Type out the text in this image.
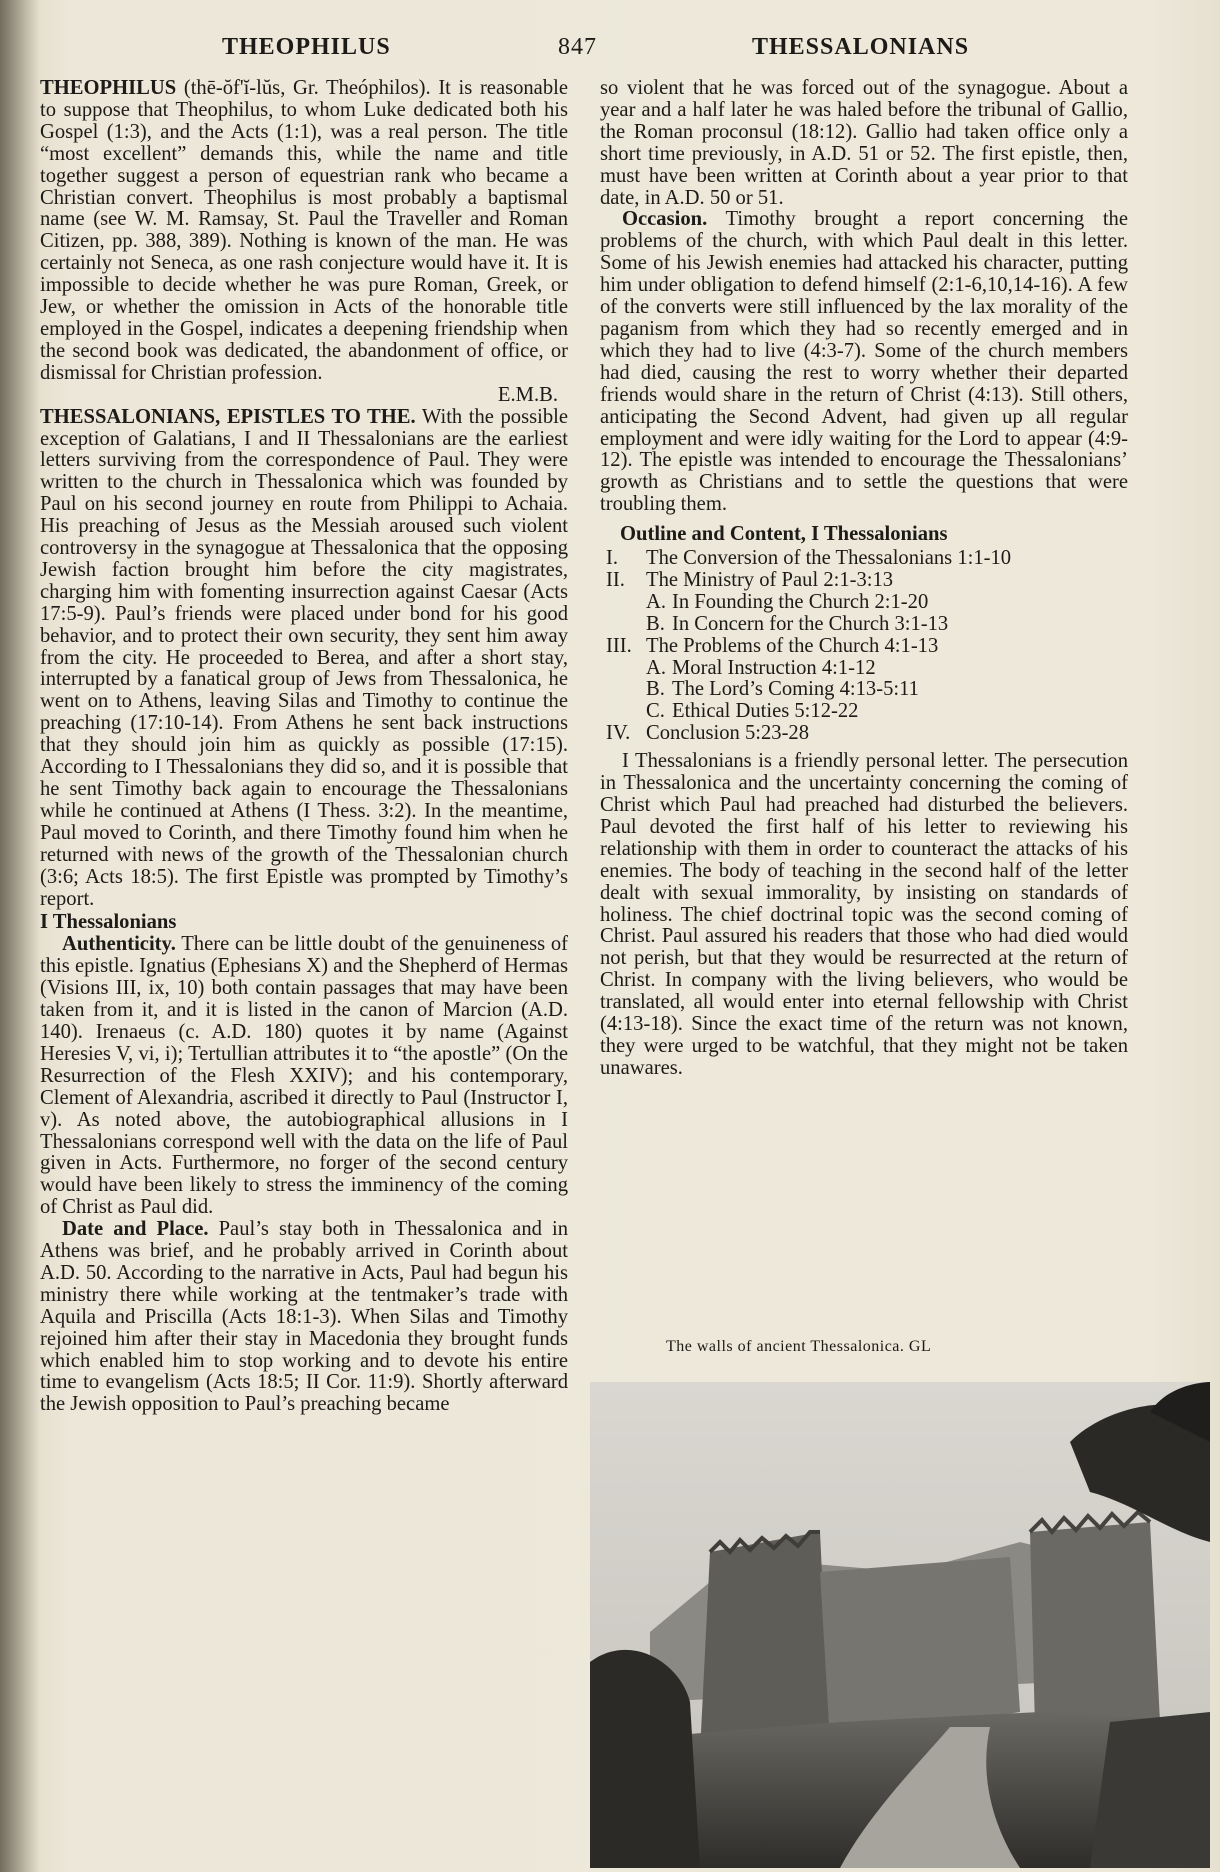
THEOPHILUS	847	THESSALONIANS

THEOPHILUS (thē-ŏf'ĭ-lŭs, Gr. Theóphilos). It is reasonable to suppose that Theophilus, to whom Luke dedicated both his Gospel (1:3), and the Acts (1:1), was a real person. The title “most excellent” demands this, while the name and title together suggest a person of equestrian rank who became a Christian convert. Theophilus is most probably a baptismal name (see W. M. Ramsay, St. Paul the Traveller and Roman Citizen, pp. 388, 389). Nothing is known of the man. He was certainly not Seneca, as one rash conjecture would have it. It is impossible to decide whether he was pure Roman, Greek, or Jew, or whether the omission in Acts of the honorable title employed in the Gospel, indicates a deepening friendship when the second book was dedicated, the abandonment of office, or dismissal for Christian profession.

E.M.B.

THESSALONIANS, EPISTLES TO THE. With the possible exception of Galatians, I and II Thessalonians are the earliest letters surviving from the correspondence of Paul. They were written to the church in Thessalonica which was founded by Paul on his second journey en route from Philippi to Achaia. His preaching of Jesus as the Messiah aroused such violent controversy in the synagogue at Thessalonica that the opposing Jewish faction brought him before the city magistrates, charging him with fomenting insurrection against Caesar (Acts 17:5-9). Paul’s friends were placed under bond for his good behavior, and to protect their own security, they sent him away from the city. He proceeded to Berea, and after a short stay, interrupted by a fanatical group of Jews from Thessalonica, he went on to Athens, leaving Silas and Timothy to continue the preaching (17:10-14). From Athens he sent back instructions that they should join him as quickly as possible (17:15). According to I Thessalonians they did so, and it is possible that he sent Timothy back again to encourage the Thessalonians while he continued at Athens (I Thess. 3:2). In the meantime, Paul moved to Corinth, and there Timothy found him when he returned with news of the growth of the Thessalonian church (3:6; Acts 18:5). The first Epistle was prompted by Timothy’s report.

I Thessalonians

Authenticity. There can be little doubt of the genuineness of this epistle. Ignatius (Ephesians X) and the Shepherd of Hermas (Visions III, ix, 10) both contain passages that may have been taken from it, and it is listed in the canon of Marcion (A.D. 140). Irenaeus (c. A.D. 180) quotes it by name (Against Heresies V, vi, i); Tertullian attributes it to “the apostle” (On the Resurrection of the Flesh XXIV); and his contemporary, Clement of Alexandria, ascribed it directly to Paul (Instructor I, v). As noted above, the autobiographical allusions in I Thessalonians correspond well with the data on the life of Paul given in Acts. Furthermore, no forger of the second century would have been likely to stress the imminency of the coming of Christ as Paul did.

Date and Place. Paul’s stay both in Thessalonica and in Athens was brief, and he probably arrived in Corinth about A.D. 50. According to the narrative in Acts, Paul had begun his ministry there while working at the tentmaker’s trade with Aquila and Priscilla (Acts 18:1-3). When Silas and Timothy rejoined him after their stay in Macedonia they brought funds which enabled him to stop working and to devote his entire time to evangelism (Acts 18:5; II Cor. 11:9). Shortly afterward the Jewish opposition to Paul’s preaching became

so violent that he was forced out of the synagogue. About a year and a half later he was haled before the tribunal of Gallio, the Roman proconsul (18:12). Gallio had taken office only a short time previously, in A.D. 51 or 52. The first epistle, then, must have been written at Corinth about a year prior to that date, in A.D. 50 or 51.

Occasion. Timothy brought a report concerning the problems of the church, with which Paul dealt in this letter. Some of his Jewish enemies had attacked his character, putting him under obligation to defend himself (2:1-6,10,14-16). A few of the converts were still influenced by the lax morality of the paganism from which they had so recently emerged and in which they had to live (4:3-7). Some of the church members had died, causing the rest to worry whether their departed friends would share in the return of Christ (4:13). Still others, anticipating the Second Advent, had given up all regular employment and were idly waiting for the Lord to appear (4:9-12). The epistle was intended to encourage the Thessalonians’ growth as Christians and to settle the questions that were troubling them.

Outline and Content, I Thessalonians

I. The Conversion of the Thessalonians 1:1-10
II. The Ministry of Paul 2:1-3:13
A. In Founding the Church 2:1-20
B. In Concern for the Church 3:1-13
III. The Problems of the Church 4:1-13
A. Moral Instruction 4:1-12
B. The Lord’s Coming 4:13-5:11
C. Ethical Duties 5:12-22
IV. Conclusion 5:23-28

I Thessalonians is a friendly personal letter. The persecution in Thessalonica and the uncertainty concerning the coming of Christ which Paul had preached had disturbed the believers. Paul devoted the first half of his letter to reviewing his relationship with them in order to counteract the attacks of his enemies. The body of teaching in the second half of the letter dealt with sexual immorality, by insisting on standards of holiness. The chief doctrinal topic was the second coming of Christ. Paul assured his readers that those who had died would not perish, but that they would be resurrected at the return of Christ. In company with the living believers, who would be translated, all would enter into eternal fellowship with Christ (4:13-18). Since the exact time of the return was not known, they were urged to be watchful, that they might not be taken unawares.

The walls of ancient Thessalonica. GL
